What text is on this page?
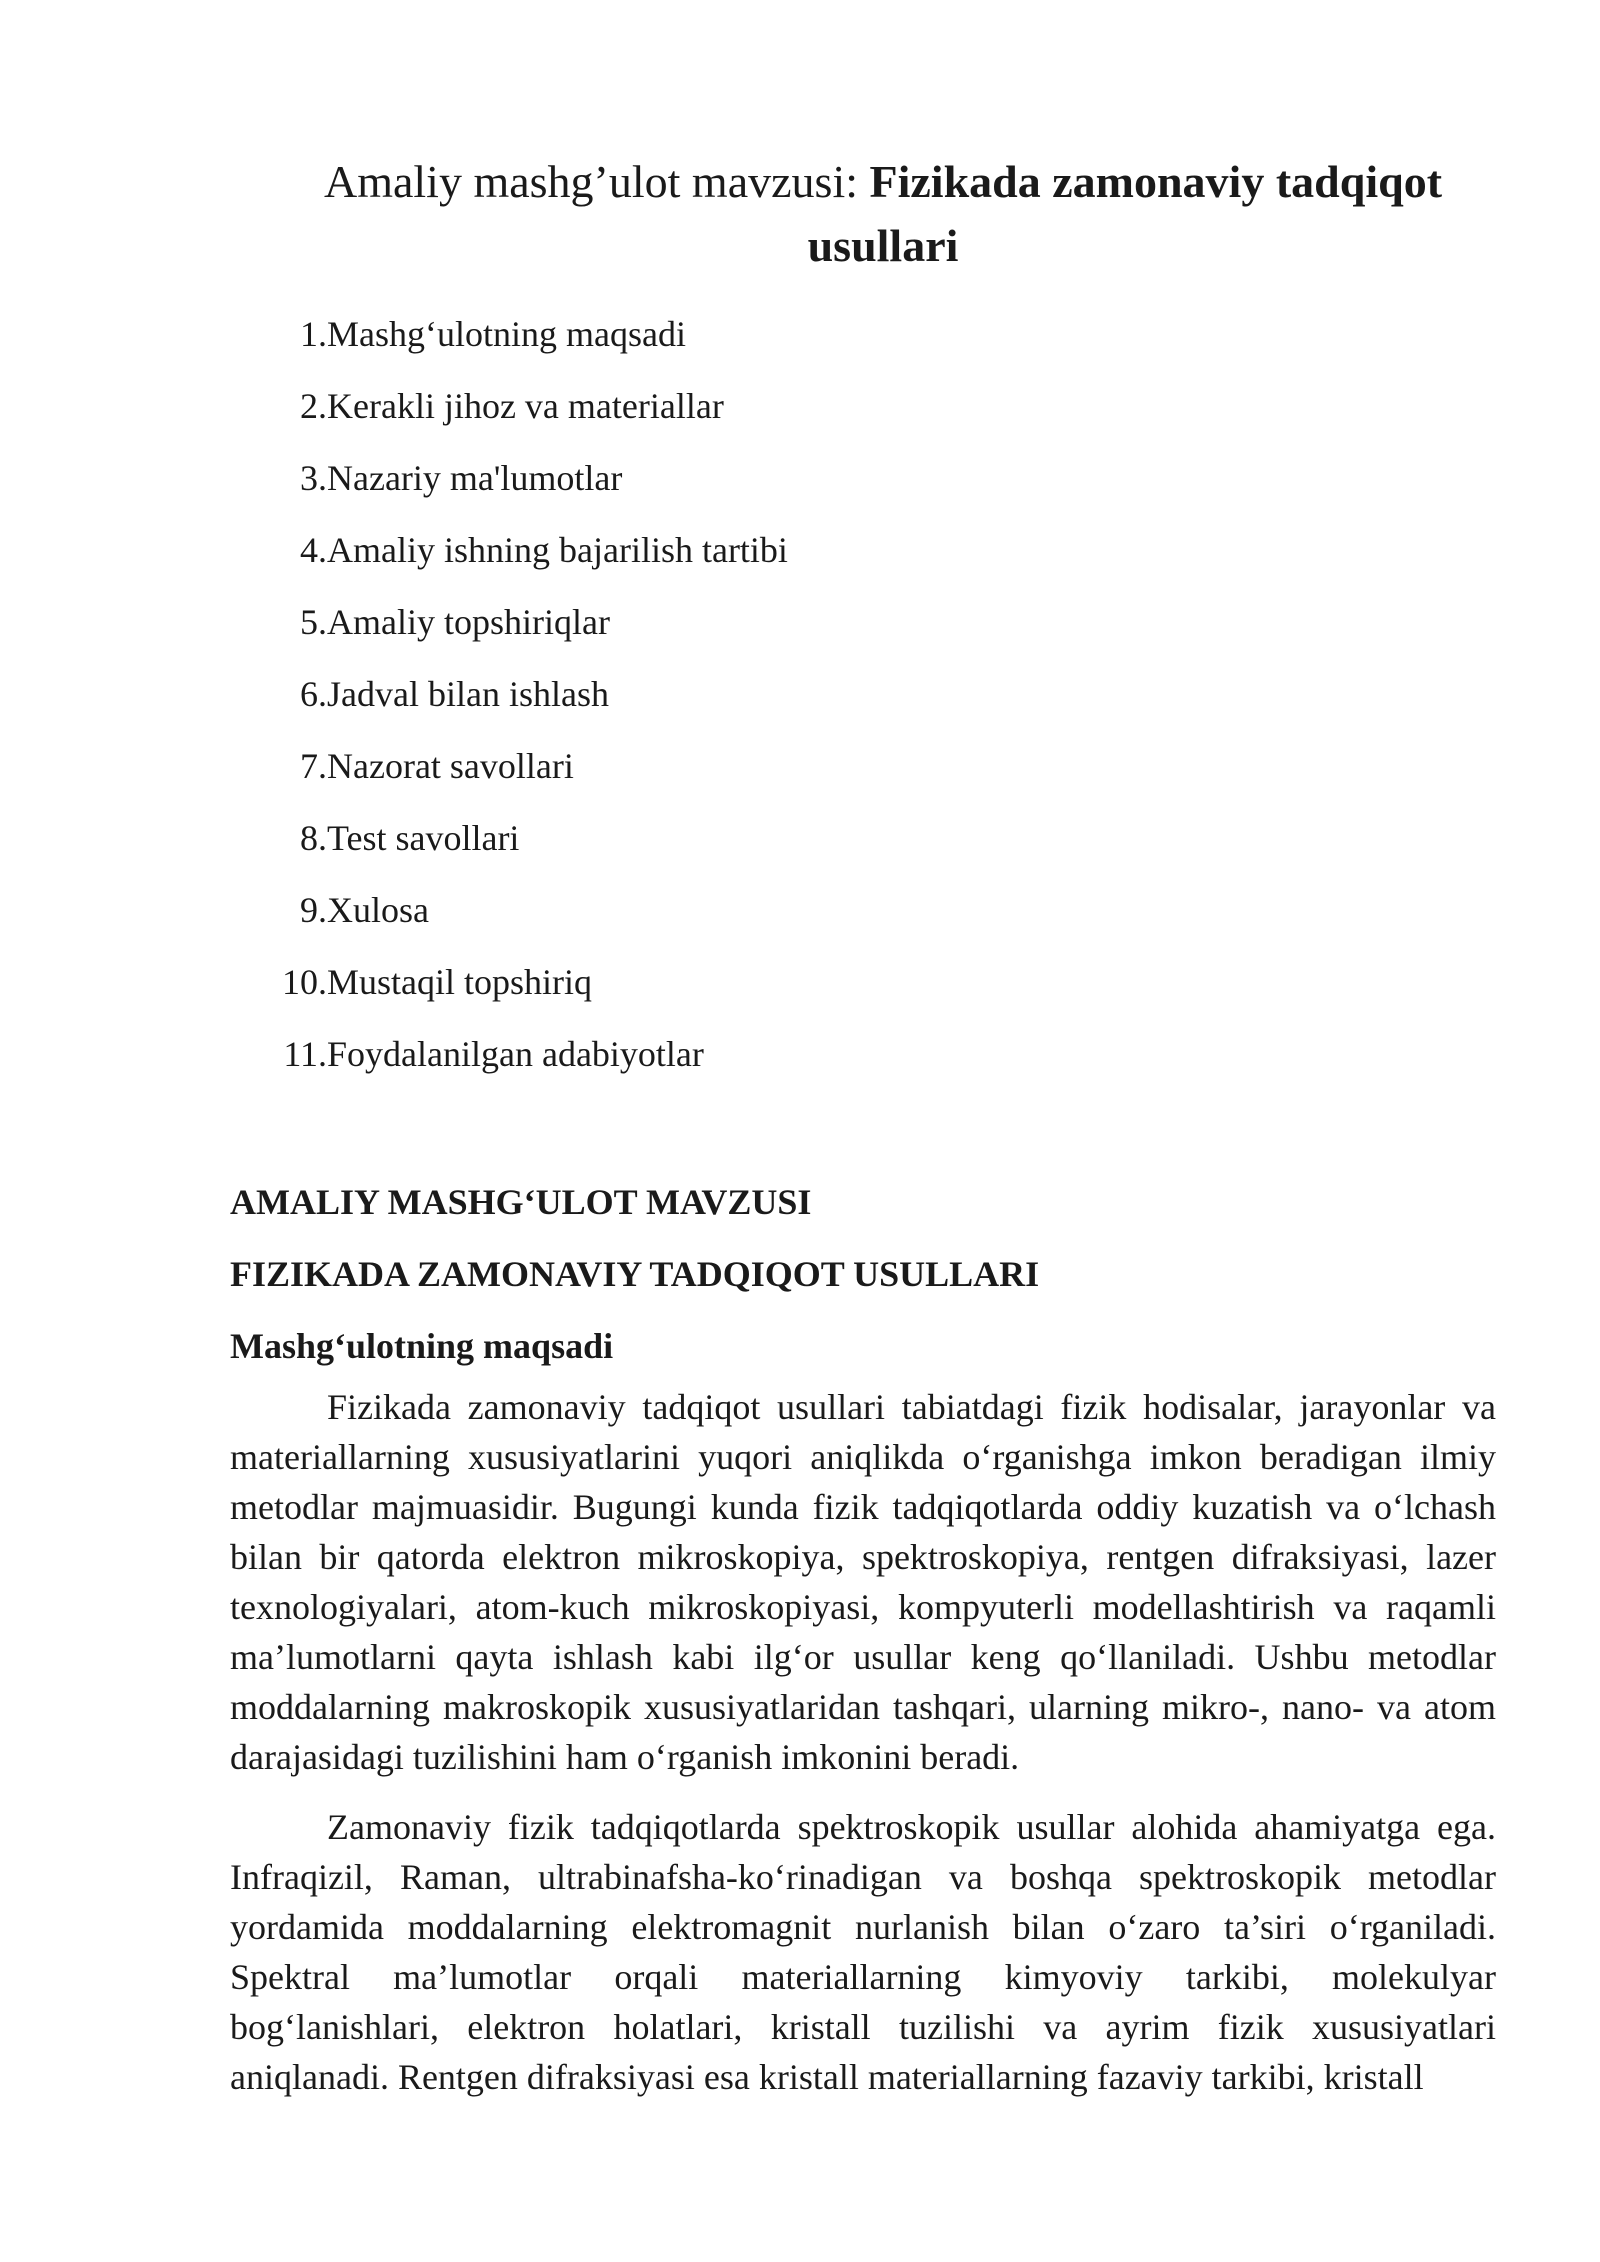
Amaliy mashg’ulot mavzusi: Fizikada zamonaviy tadqiqot usullari
1. Mashg‘ulotning maqsadi
2. Kerakli jihoz va materiallar
3. Nazariy ma'lumotlar
4. Amaliy ishning bajarilish tartibi
5. Amaliy topshiriqlar
6. Jadval bilan ishlash
7. Nazorat savollari
8. Test savollari
9. Xulosa
10. Mustaqil topshiriq
11. Foydalanilgan adabiyotlar
AMALIY MASHG‘ULOT MAVZUSI
FIZIKADA ZAMONAVIY TADQIQOT USULLARI
Mashg‘ulotning maqsadi

Fizikada zamonaviy tadqiqot usullari tabiatdagi fizik hodisalar, jarayonlar va materiallarning xususiyatlarini yuqori aniqlikda o‘rganishga imkon beradigan ilmiy metodlar majmuasidir. Bugungi kunda fizik tadqiqotlarda oddiy kuzatish va o‘lchash bilan bir qatorda elektron mikroskopiya, spektroskopiya, rentgen difraksiyasi, lazer texnologiyalari, atom-kuch mikroskopiyasi, kompyuterli modellashtirish va raqamli ma’lumotlarni qayta ishlash kabi ilg‘or usullar keng qo‘llaniladi. Ushbu metodlar moddalarning makroskopik xususiyatlaridan tashqari, ularning mikro-, nano- va atom darajasidagi tuzilishini ham o‘rganish imkonini beradi.

Zamonaviy fizik tadqiqotlarda spektroskopik usullar alohida ahamiyatga ega. Infraqizil, Raman, ultrabinafsha-ko‘rinadigan va boshqa spektroskopik metodlar yordamida moddalarning elektromagnit nurlanish bilan o‘zaro ta’siri o‘rganiladi. Spektral ma’lumotlar orqali materiallarning kimyoviy tarkibi, molekulyar bog‘lanishlari, elektron holatlari, kristall tuzilishi va ayrim fizik xususiyatlari aniqlanadi. Rentgen difraksiyasi esa kristall materiallarning fazaviy tarkibi, kristall
